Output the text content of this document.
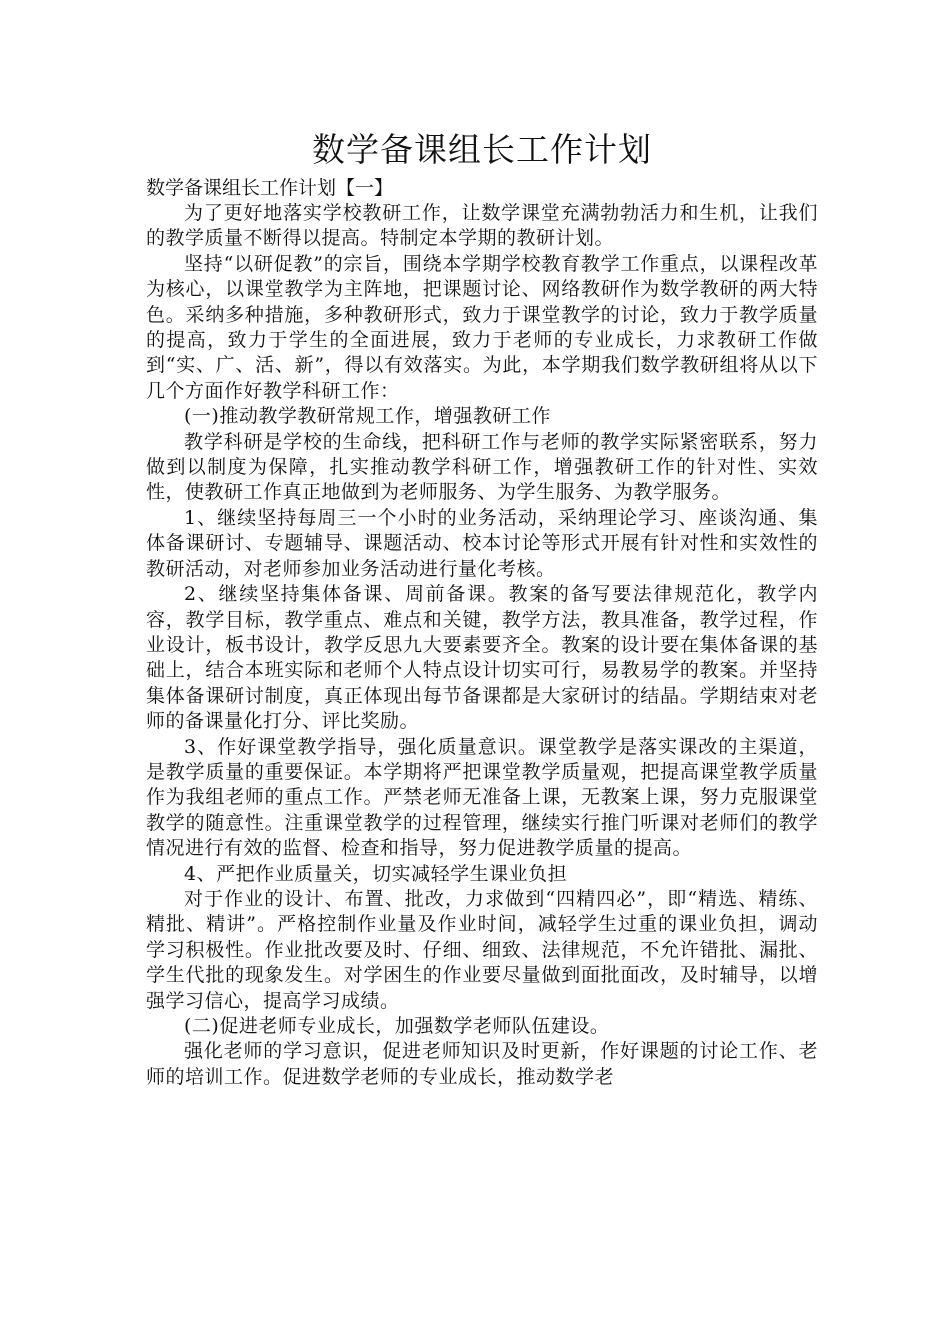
数学备课组长工作计划

数学备课组长工作计划【一】

为了更好地落实学校教研工作，让数学课堂充满勃勃活力和生机，让我们的教学质量不断得以提高。特制定本学期的教研计划。

坚持“以研促教”的宗旨，围绕本学期学校教育教学工作重点，以课程改革为核心，以课堂教学为主阵地，把课题讨论、网络教研作为数学教研的两大特色。采纳多种措施，多种教研形式，致力于课堂教学的讨论，致力于教学质量的提高，致力于学生的全面进展，致力于老师的专业成长，力求教研工作做到“实、广、活、新”，得以有效落实。为此，本学期我们数学教研组将从以下几个方面作好教学科研工作：

(一)推动教学教研常规工作，增强教研工作

教学科研是学校的生命线，把科研工作与老师的教学实际紧密联系，努力做到以制度为保障，扎实推动教学科研工作，增强教研工作的针对性、实效性，使教研工作真正地做到为老师服务、为学生服务、为教学服务。

1、继续坚持每周三一个小时的业务活动，采纳理论学习、座谈沟通、集体备课研讨、专题辅导、课题活动、校本讨论等形式开展有针对性和实效性的教研活动，对老师参加业务活动进行量化考核。

2、继续坚持集体备课、周前备课。教案的备写要法律规范化，教学内容，教学目标，教学重点、难点和关键，教学方法，教具准备，教学过程，作业设计，板书设计，教学反思九大要素要齐全。教案的设计要在集体备课的基础上，结合本班实际和老师个人特点设计切实可行，易教易学的教案。并坚持集体备课研讨制度，真正体现出每节备课都是大家研讨的结晶。学期结束对老师的备课量化打分、评比奖励。

3、作好课堂教学指导，强化质量意识。课堂教学是落实课改的主渠道，是教学质量的重要保证。本学期将严把课堂教学质量观，把提高课堂教学质量作为我组老师的重点工作。严禁老师无准备上课，无教案上课，努力克服课堂教学的随意性。注重课堂教学的过程管理，继续实行推门听课对老师们的教学情况进行有效的监督、检查和指导，努力促进教学质量的提高。

4、严把作业质量关，切实减轻学生课业负担

对于作业的设计、布置、批改，力求做到“四精四必”，即“精选、精练、精批、精讲”。严格控制作业量及作业时间，减轻学生过重的课业负担，调动学习积极性。作业批改要及时、仔细、细致、法律规范，不允许错批、漏批、学生代批的现象发生。对学困生的作业要尽量做到面批面改，及时辅导，以增强学习信心，提高学习成绩。

(二)促进老师专业成长，加强数学老师队伍建设。

强化老师的学习意识，促进老师知识及时更新，作好课题的讨论工作、老师的培训工作。促进数学老师的专业成长，推动数学老
